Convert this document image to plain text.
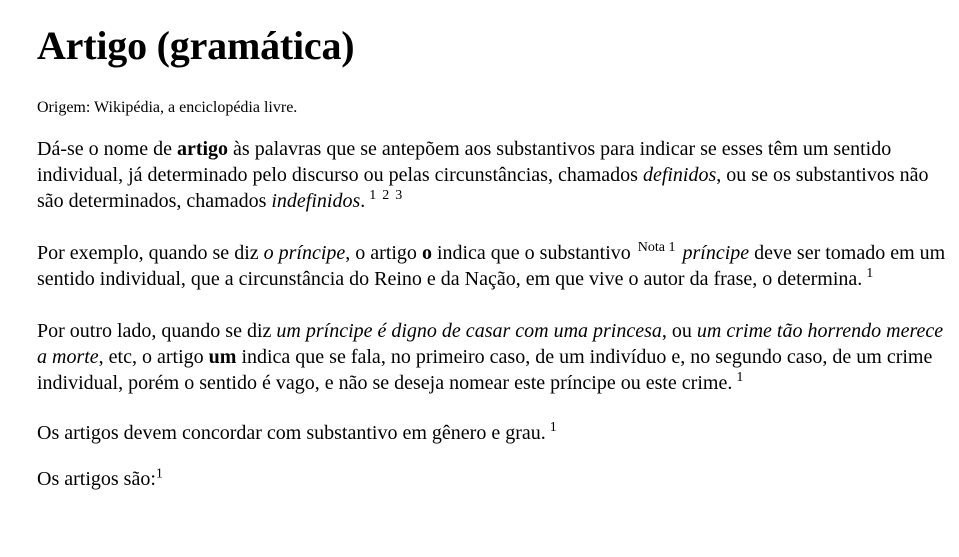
Artigo (gramática)
Origem: Wikipédia, a enciclopédia livre.

Dá-se o nome de artigo às palavras que se antepõem aos substantivos para indicar se esses têm um sentido individual, já determinado pelo discurso ou pelas circunstâncias, chamados definidos, ou se os substantivos não são determinados, chamados indefinidos. $^{1 2 3}$

Por exemplo, quando se diz o príncipe, o artigo o indica que o substantivo $^{Nota 1}$ príncipe deve ser tomado em um sentido individual, que a circunstância do Reino e da Nação, em que vive o autor da frase, o determina. $^1$

Por outro lado, quando se diz um príncipe é digno de casar com uma princesa, ou um crime tão horrendo merece a morte, etc, o artigo um indica que se fala, no primeiro caso, de um indivíduo e, no segundo caso, de um crime individual, porém o sentido é vago, e não se deseja nomear este príncipe ou este crime. $^1$

Os artigos devem concordar com substantivo em gênero e grau. $^1$

Os artigos são:$^1$
